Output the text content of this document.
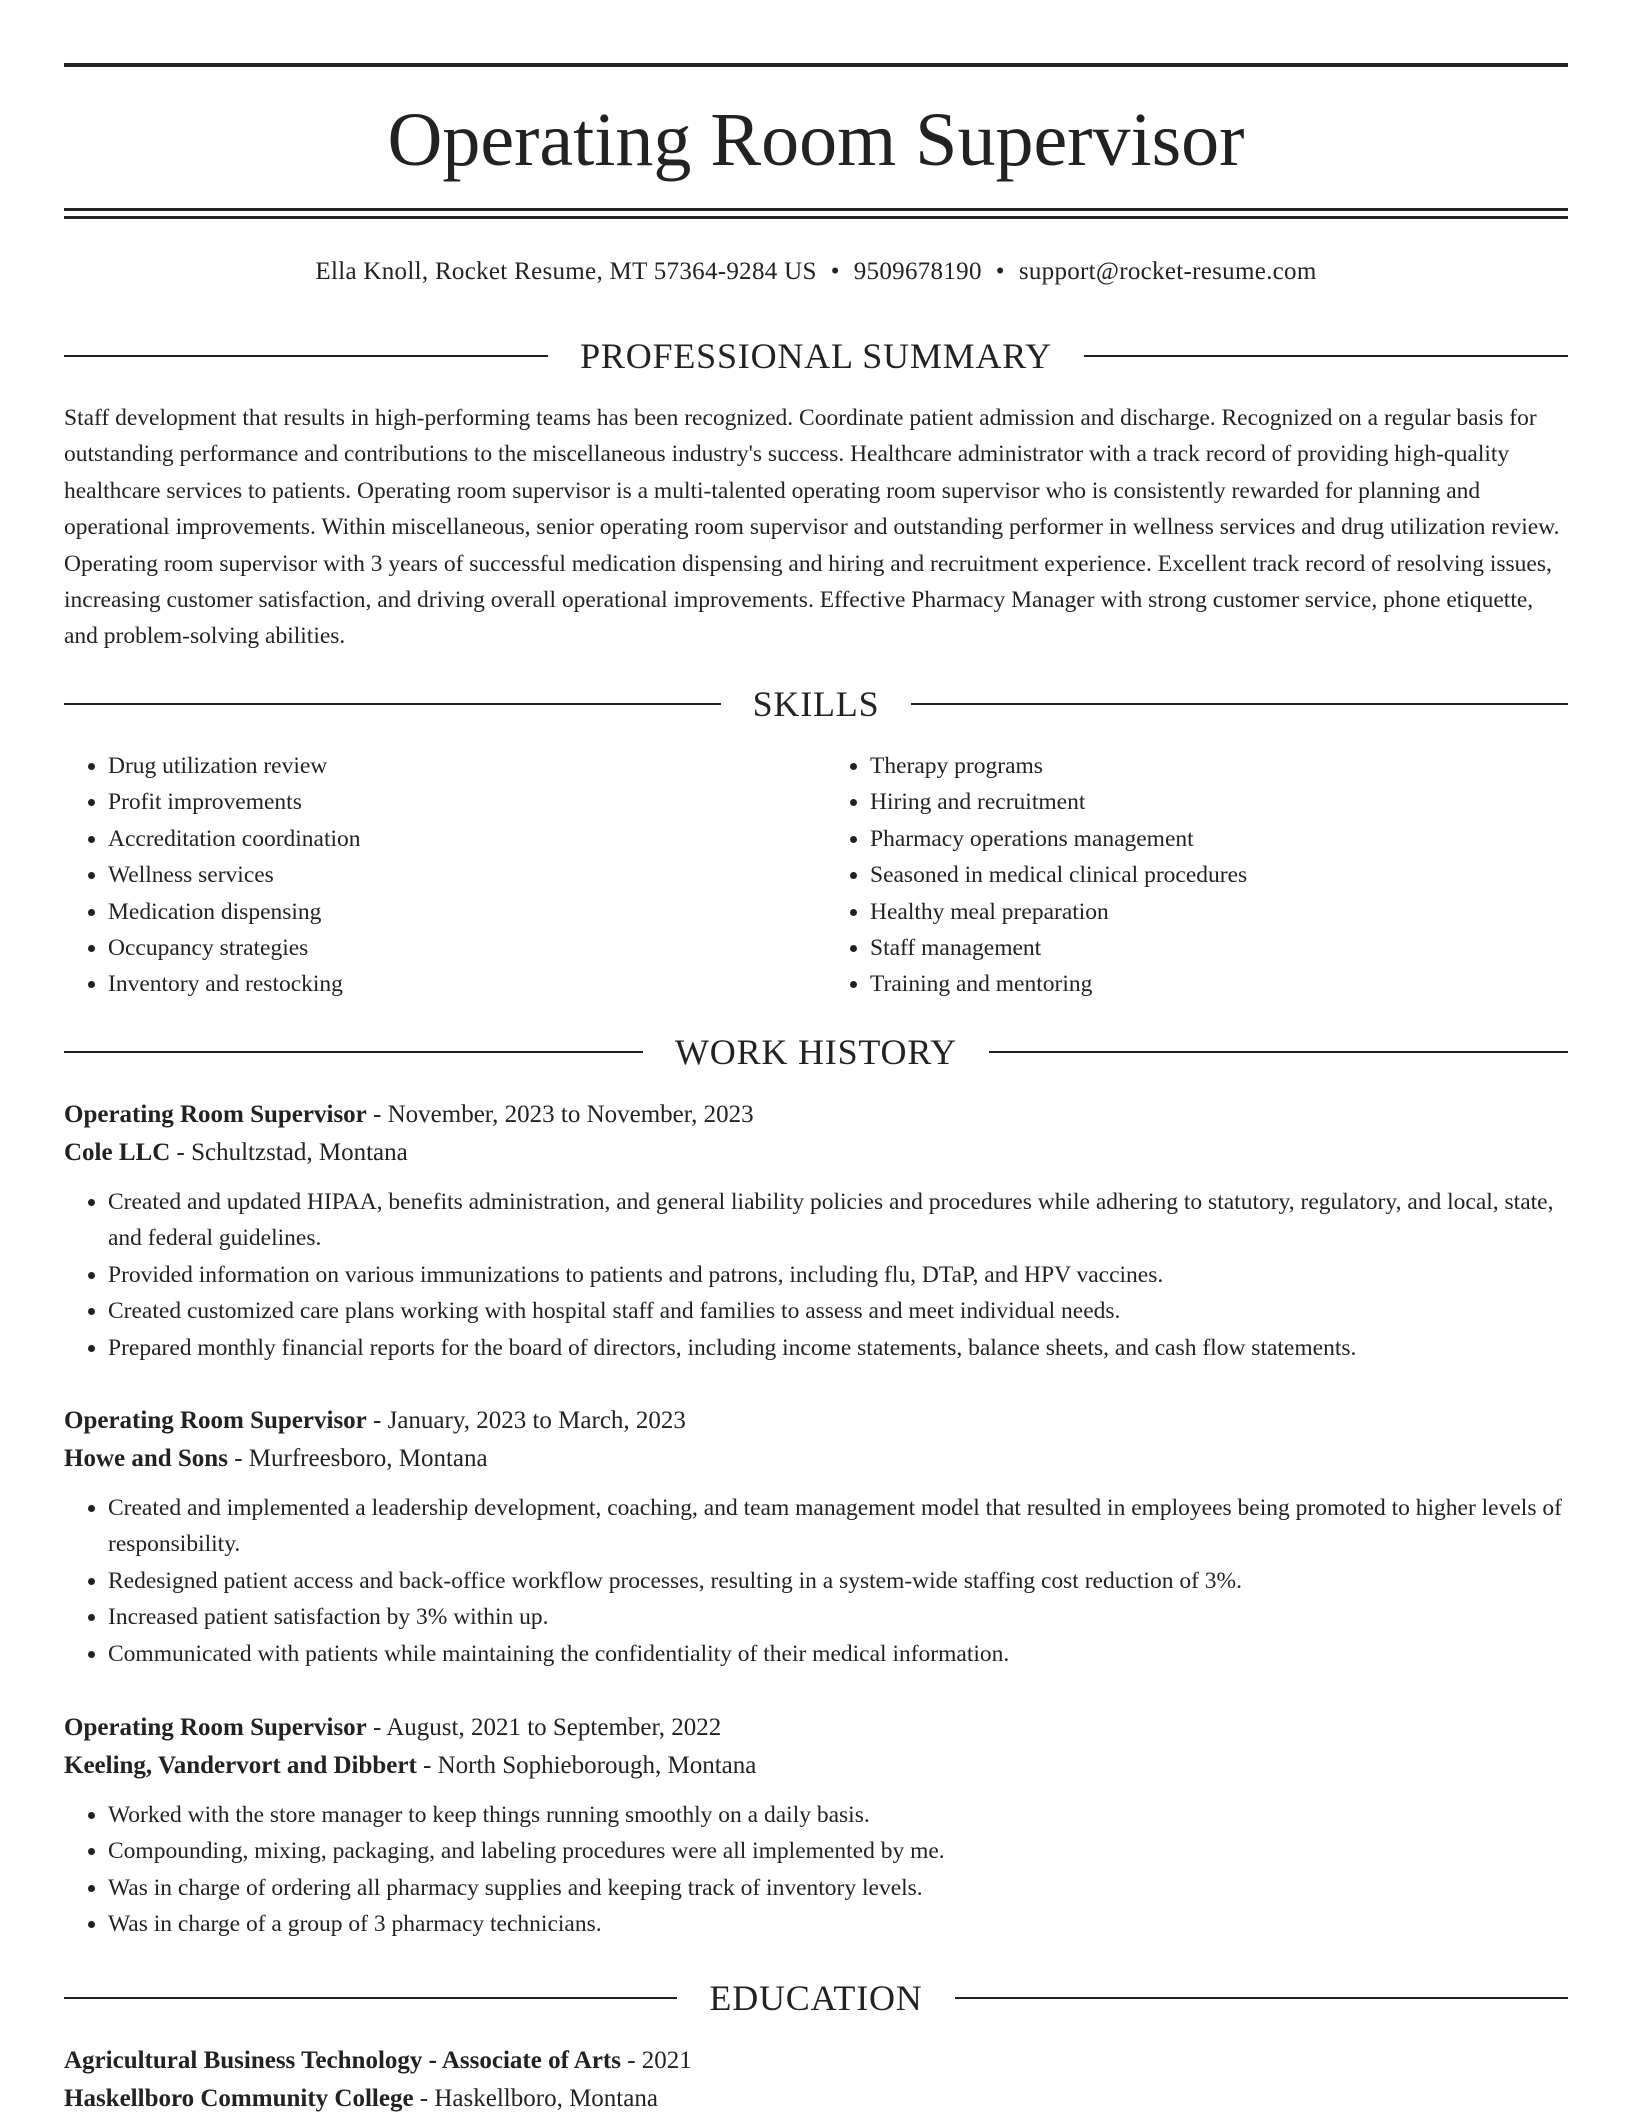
Operating Room Supervisor
Ella Knoll, Rocket Resume, MT 57364-9284 US • 9509678190 • support@rocket-resume.com
PROFESSIONAL SUMMARY

Staff development that results in high-performing teams has been recognized. Coordinate patient admission and discharge. Recognized on a regular basis for outstanding performance and contributions to the miscellaneous industry's success. Healthcare administrator with a track record of providing high-quality healthcare services to patients. Operating room supervisor is a multi-talented operating room supervisor who is consistently rewarded for planning and operational improvements. Within miscellaneous, senior operating room supervisor and outstanding performer in wellness services and drug utilization review. Operating room supervisor with 3 years of successful medication dispensing and hiring and recruitment experience. Excellent track record of resolving issues, increasing customer satisfaction, and driving overall operational improvements. Effective Pharmacy Manager with strong customer service, phone etiquette, and problem-solving abilities.

SKILLS
• Drug utilization review
• Profit improvements
• Accreditation coordination
• Wellness services
• Medication dispensing
• Occupancy strategies
• Inventory and restocking
• Therapy programs
• Hiring and recruitment
• Pharmacy operations management
• Seasoned in medical clinical procedures
• Healthy meal preparation
• Staff management
• Training and mentoring
WORK HISTORY
Operating Room Supervisor - November, 2023 to November, 2023
Cole LLC - Schultzstad, Montana
• Created and updated HIPAA, benefits administration, and general liability policies and procedures while adhering to statutory, regulatory, and local, state, and federal guidelines.
• Provided information on various immunizations to patients and patrons, including flu, DTaP, and HPV vaccines.
• Created customized care plans working with hospital staff and families to assess and meet individual needs.
• Prepared monthly financial reports for the board of directors, including income statements, balance sheets, and cash flow statements.
Operating Room Supervisor - January, 2023 to March, 2023
Howe and Sons - Murfreesboro, Montana
• Created and implemented a leadership development, coaching, and team management model that resulted in employees being promoted to higher levels of responsibility.
• Redesigned patient access and back-office workflow processes, resulting in a system-wide staffing cost reduction of 3%.
• Increased patient satisfaction by 3% within up.
• Communicated with patients while maintaining the confidentiality of their medical information.
Operating Room Supervisor - August, 2021 to September, 2022
Keeling, Vandervort and Dibbert - North Sophieborough, Montana
• Worked with the store manager to keep things running smoothly on a daily basis.
• Compounding, mixing, packaging, and labeling procedures were all implemented by me.
• Was in charge of ordering all pharmacy supplies and keeping track of inventory levels.
• Was in charge of a group of 3 pharmacy technicians.
EDUCATION
Agricultural Business Technology - Associate of Arts - 2021
Haskellboro Community College - Haskellboro, Montana
